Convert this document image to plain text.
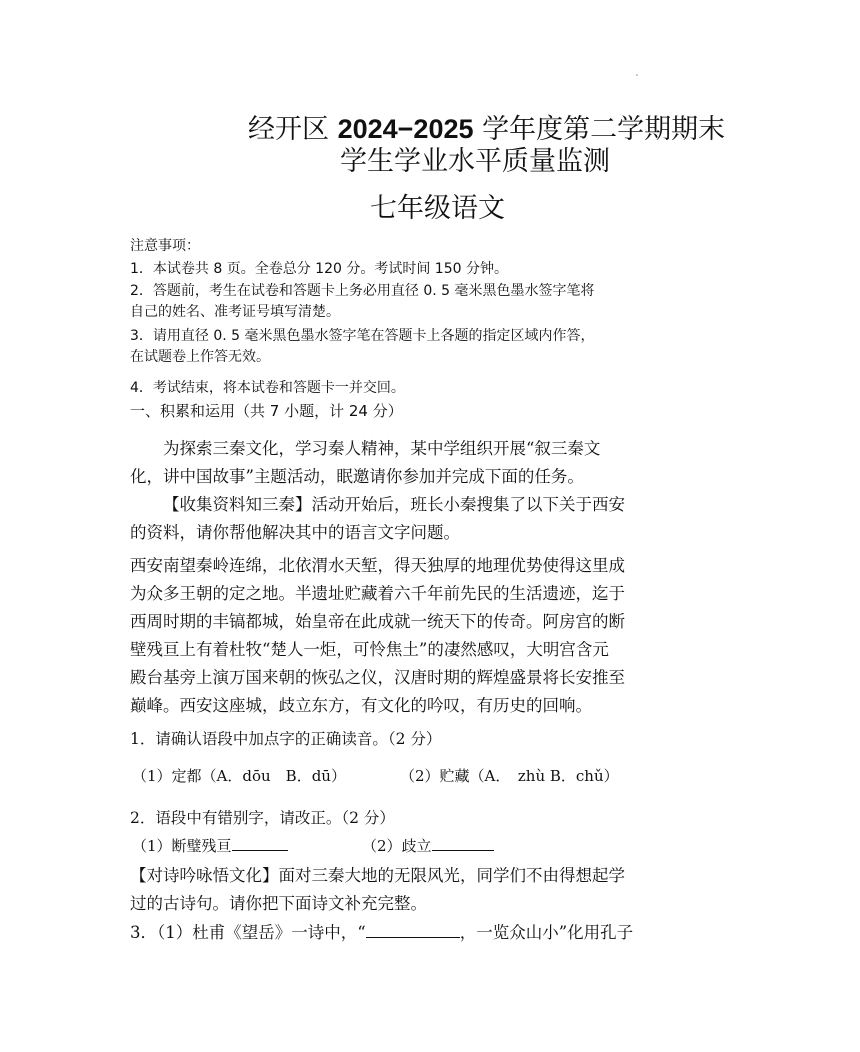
经开区 2024−2025 学年度第二学期期末
学生学业水平质量监测
七年级语文
注意事项：
1．本试卷共 8 页。全卷总分 120 分。考试时间 150 分钟。
2．答题前，考生在试卷和答题卡上务必用直径 0. 5 毫米黑色墨水签字笔将
自己的姓名、准考证号填写清楚。
3．请用直径 0. 5 毫米黑色墨水签字笔在答题卡上各题的指定区域内作答，
在试题卷上作答无效。
4．考试结束，将本试卷和答题卡一并交回。
一、积累和运用（共 7 小题，计 24 分）
为探索三秦文化，学习秦人精神，某中学组织开展“叙三秦文
化，讲中国故事”主题活动，眠邀请你参加并完成下面的任务。
【收集资料知三秦】活动开始后，班长小秦搜集了以下关于西安
的资料，请你帮他解决其中的语言文字问题。
西安南望秦岭连绵，北依渭水天堑，得天独厚的地理优势使得这里成
为众多王朝的定之地。半遗址贮藏着六千年前先民的生活遗迹，迄于
西周时期的丰镐都城，始皇帝在此成就一统天下的传奇。阿房宫的断
壁残亘上有着杜牧“楚人一炬，可怜焦土”的凄然感叹，大明宫含元
殿台基旁上演万国来朝的恢弘之仪，汉唐时期的辉煌盛景将长安推至
巅峰。西安这座城，歧立东方，有文化的吟叹，有历史的回响。
1．请确认语段中加点字的正确读音。（2 分）
（1）定都（A．dōu　B．dū）	（2）贮藏（A．　zhù B．chǔ）
2．语段中有错别字，请改正。（2 分）
（1）断璧残亘	（2）歧立
【对诗吟咏悟文化】面对三秦大地的无限风光，同学们不由得想起学
过的古诗句。请你把下面诗文补充完整。
3．（1）杜甫《望岳》一诗中，“	，一览众山小”化用孔子
